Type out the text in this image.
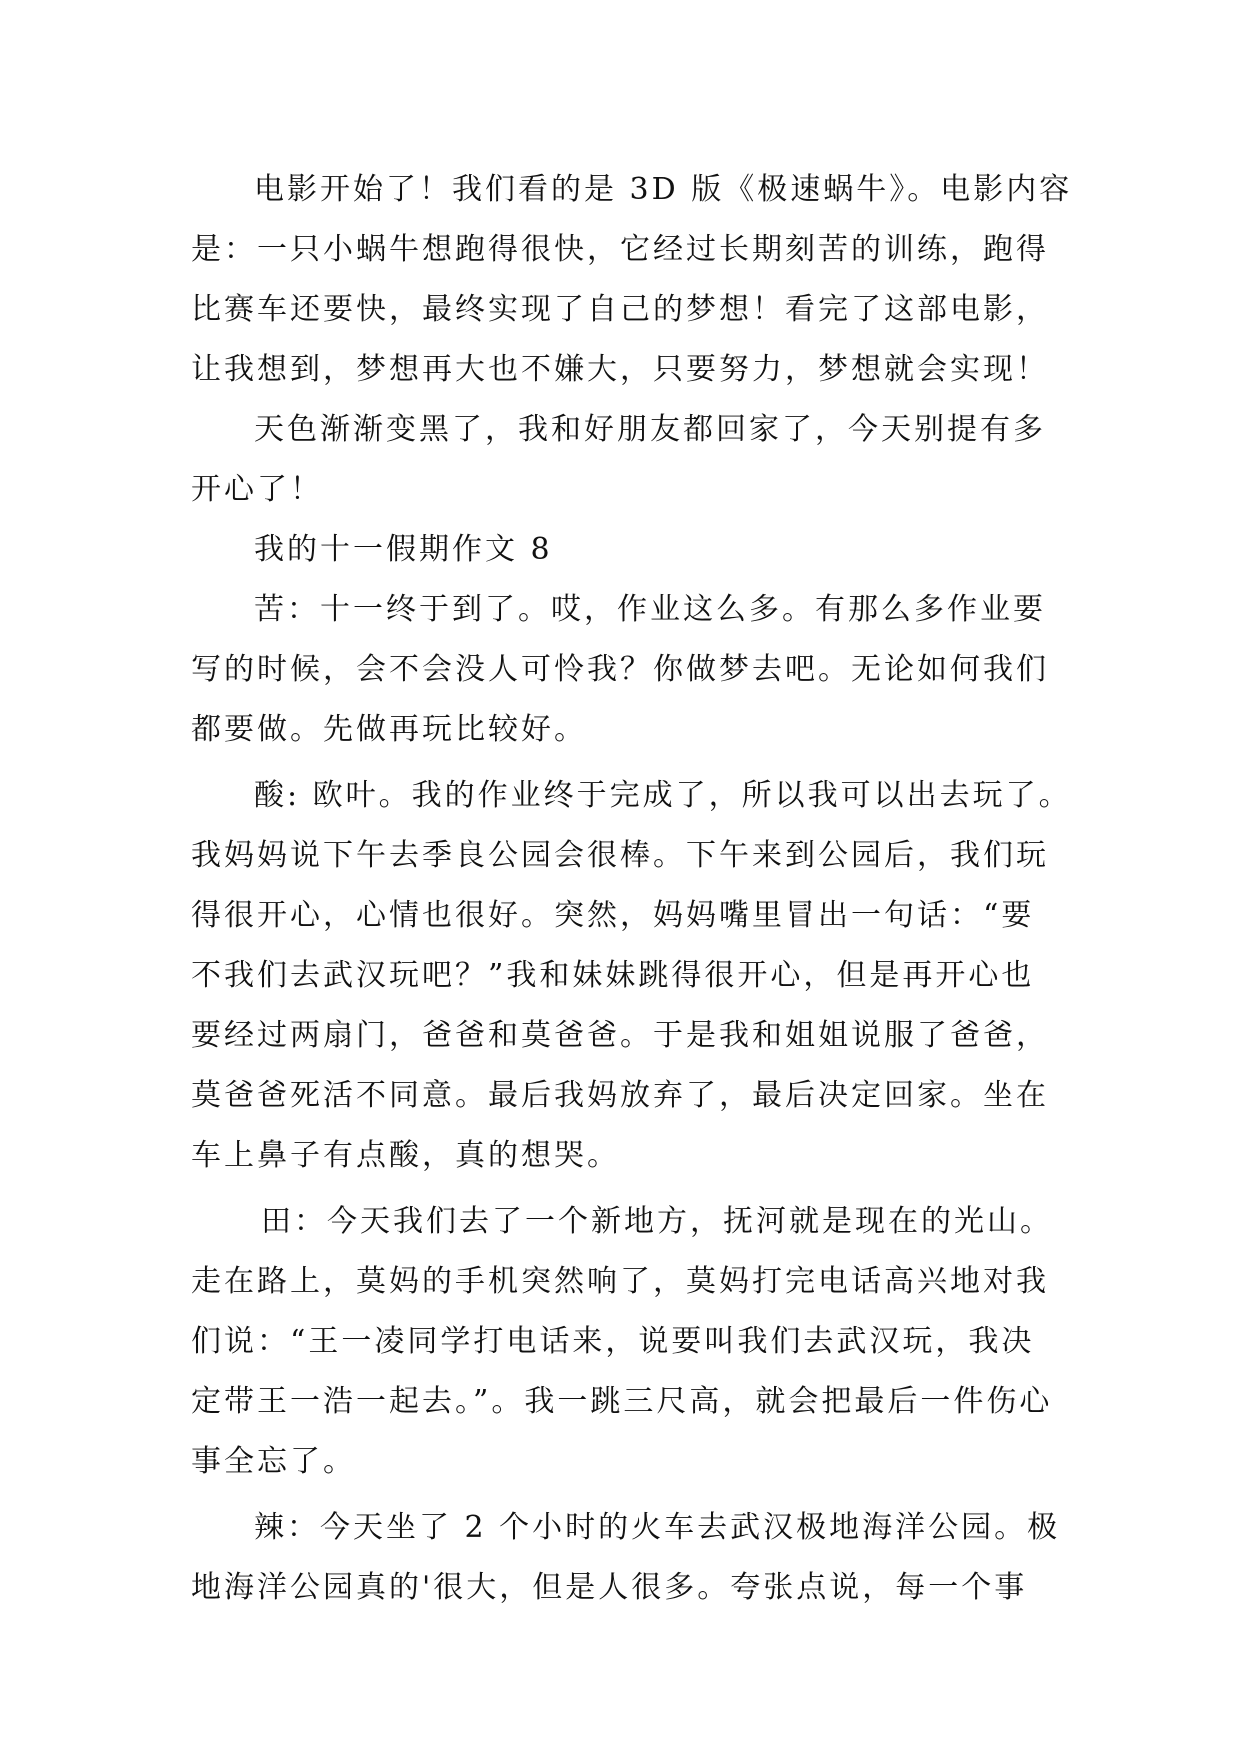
电影开始了！我们看的是 3D 版《极速蜗牛》。电影内容
是：一只小蜗牛想跑得很快，它经过长期刻苦的训练，跑得
比赛车还要快，最终实现了自己的梦想！看完了这部电影，
让我想到，梦想再大也不嫌大，只要努力，梦想就会实现！
天色渐渐变黑了，我和好朋友都回家了，今天别提有多
开心了！
我的十一假期作文 8
苦：十一终于到了。哎，作业这么多。有那么多作业要
写的时候，会不会没人可怜我？你做梦去吧。无论如何我们
都要做。先做再玩比较好。
酸: 欧叶。我的作业终于完成了，所以我可以出去玩了。
我妈妈说下午去季良公园会很棒。下午来到公园后，我们玩
得很开心，心情也很好。突然，妈妈嘴里冒出一句话：“要
不我们去武汉玩吧？”我和妹妹跳得很开心，但是再开心也
要经过两扇门，爸爸和莫爸爸。于是我和姐姐说服了爸爸，
莫爸爸死活不同意。最后我妈放弃了，最后决定回家。坐在
车上鼻子有点酸，真的想哭。
田：今天我们去了一个新地方，抚河就是现在的光山。
走在路上，莫妈的手机突然响了，莫妈打完电话高兴地对我
们说：“王一凌同学打电话来，说要叫我们去武汉玩，我决
定带王一浩一起去。”。我一跳三尺高，就会把最后一件伤心
事全忘了。
辣：今天坐了 2 个小时的火车去武汉极地海洋公园。极
地海洋公园真的'很大，但是人很多。夸张点说，每一个事
